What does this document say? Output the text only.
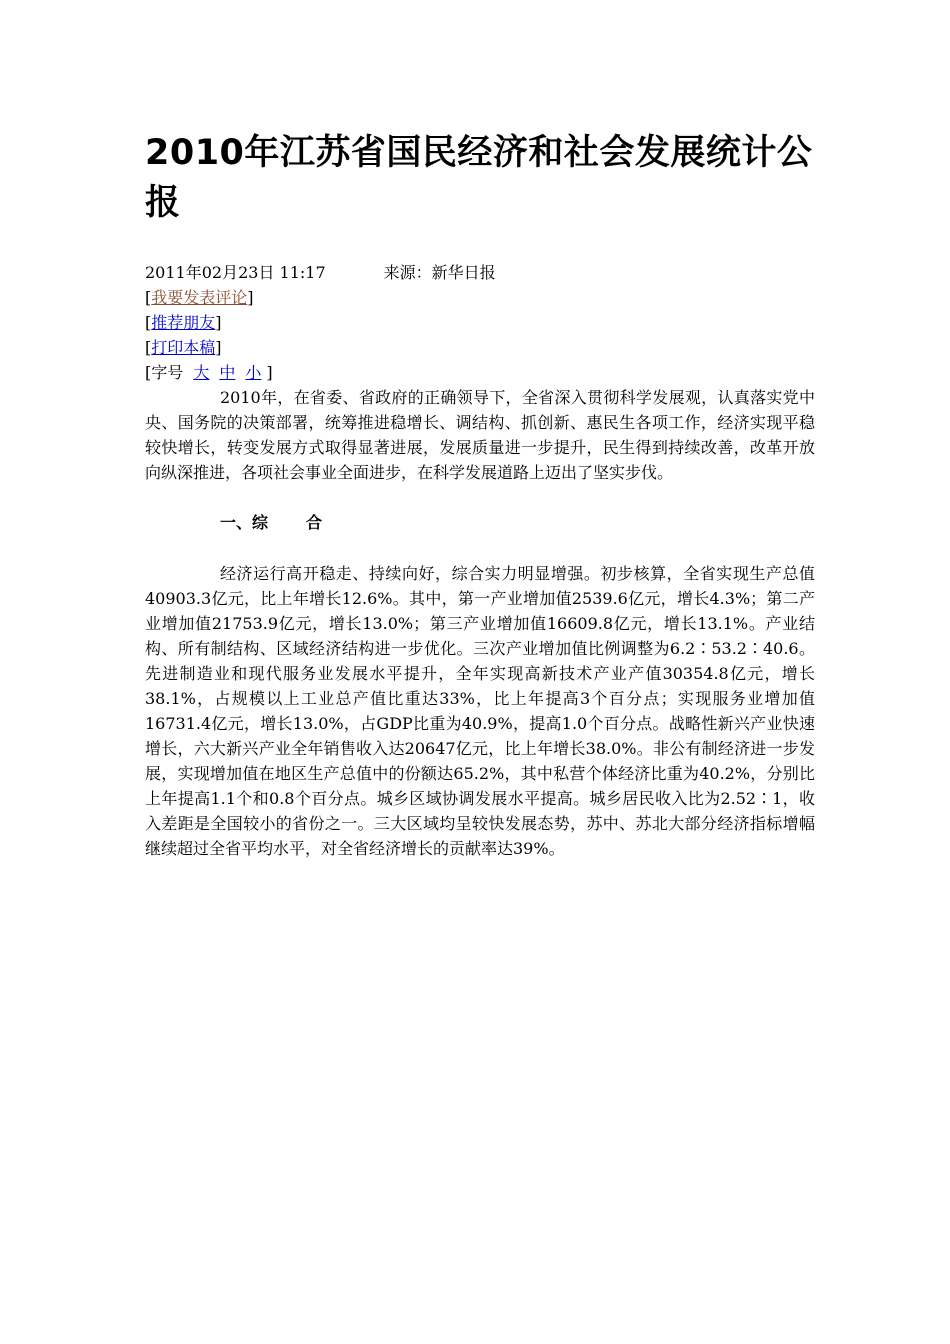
2010年江苏省国民经济和社会发展统计公报
2011年02月23日 11:17	来源：新华日报
[我要发表评论]
[推荐朋友]
[打印本稿]
[字号 大 中 小 ]

2010年，在省委、省政府的正确领导下，全省深入贯彻科学发展观，认真落实党中央、国务院的决策部署，统筹推进稳增长、调结构、抓创新、惠民生各项工作，经济实现平稳较快增长，转变发展方式取得显著进展，发展质量进一步提升，民生得到持续改善，改革开放向纵深推进，各项社会事业全面进步，在科学发展道路上迈出了坚实步伐。

一、综 合

经济运行高开稳走、持续向好，综合实力明显增强。初步核算，全省实现生产总值40903.3亿元，比上年增长12.6%。其中，第一产业增加值2539.6亿元，增长4.3%；第二产业增加值21753.9亿元，增长13.0%；第三产业增加值16609.8亿元，增长13.1%。产业结构、所有制结构、区域经济结构进一步优化。三次产业增加值比例调整为6.2∶53.2∶40.6。先进制造业和现代服务业发展水平提升，全年实现高新技术产业产值30354.8亿元，增长38.1%，占规模以上工业总产值比重达33%，比上年提高3个百分点；实现服务业增加值16731.4亿元，增长13.0%，占GDP比重为40.9%，提高1.0个百分点。战略性新兴产业快速增长，六大新兴产业全年销售收入达20647亿元，比上年增长38.0%。非公有制经济进一步发展，实现增加值在地区生产总值中的份额达65.2%，其中私营个体经济比重为40.2%，分别比上年提高1.1个和0.8个百分点。城乡区域协调发展水平提高。城乡居民收入比为2.52∶1，收入差距是全国较小的省份之一。三大区域均呈较快发展态势，苏中、苏北大部分经济指标增幅继续超过全省平均水平，对全省经济增长的贡献率达39%。
